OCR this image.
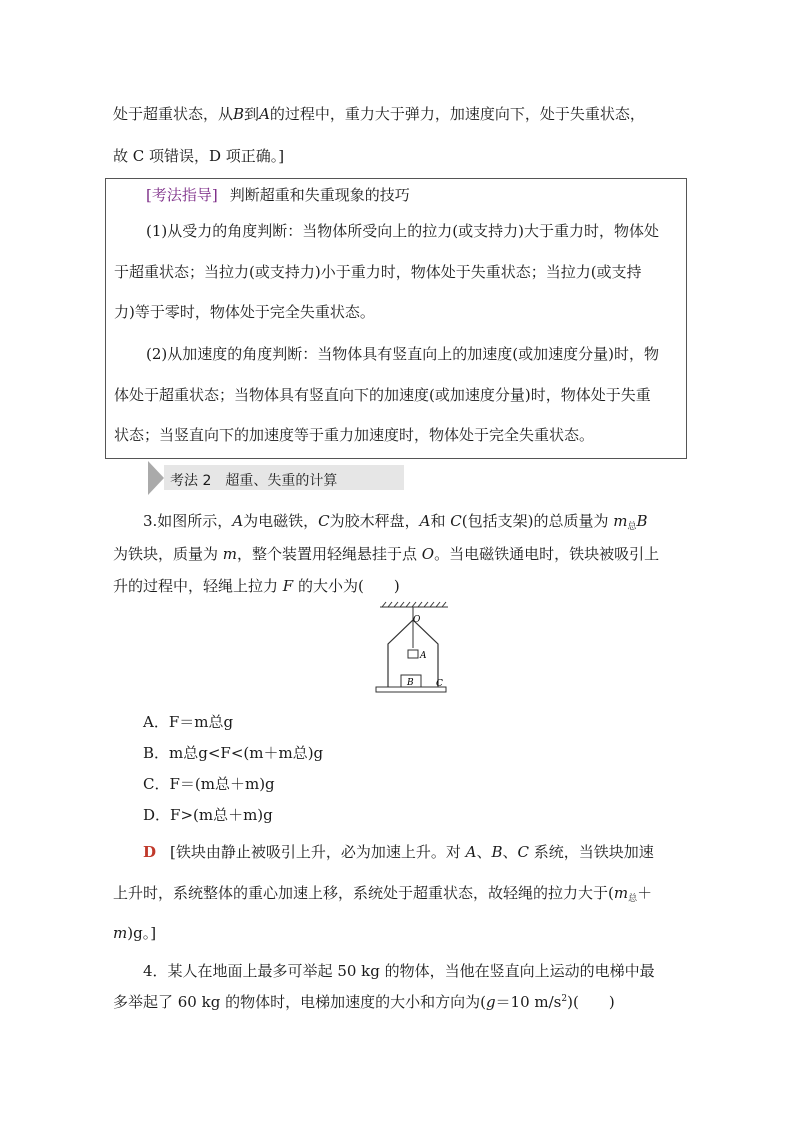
处于超重状态，从B到A的过程中，重力大于弹力，加速度向下，处于失重状态，
故 C 项错误，D 项正确。]
[考法指导] 判断超重和失重现象的技巧
(1)从受力的角度判断：当物体所受向上的拉力(或支持力)大于重力时，物体处
于超重状态；当拉力(或支持力)小于重力时，物体处于失重状态；当拉力(或支持
力)等于零时，物体处于完全失重状态。
(2)从加速度的角度判断：当物体具有竖直向上的加速度(或加速度分量)时，物
体处于超重状态；当物体具有竖直向下的加速度(或加速度分量)时，物体处于失重
状态；当竖直向下的加速度等于重力加速度时，物体处于完全失重状态。
考法 2　超重、失重的计算
3.如图所示，A为电磁铁，C为胶木秤盘，A和 C(包括支架)的总质量为 $m_总B$
为铁块，质量为 m，整个装置用轻绳悬挂于点 O。当电磁铁通电时，铁块被吸引上
升的过程中，轻绳上拉力 F 的大小为(　　)
O
A
B C
A．F＝m总g
B．m总g<F<(m＋m总)g
C．F＝(m总＋m)g
D．F>(m总＋m)g
D [铁块由静止被吸引上升，必为加速上升。对 A、B、C 系统，当铁块加速
上升时，系统整体的重心加速上移，系统处于超重状态，故轻绳的拉力大于($m_总+$
m)g。]
4．某人在地面上最多可举起 50 kg 的物体，当他在竖直向上运动的电梯中最
多举起了 60 kg 的物体时，电梯加速度的大小和方向为(g＝10 $m/s^2$)(　　)
